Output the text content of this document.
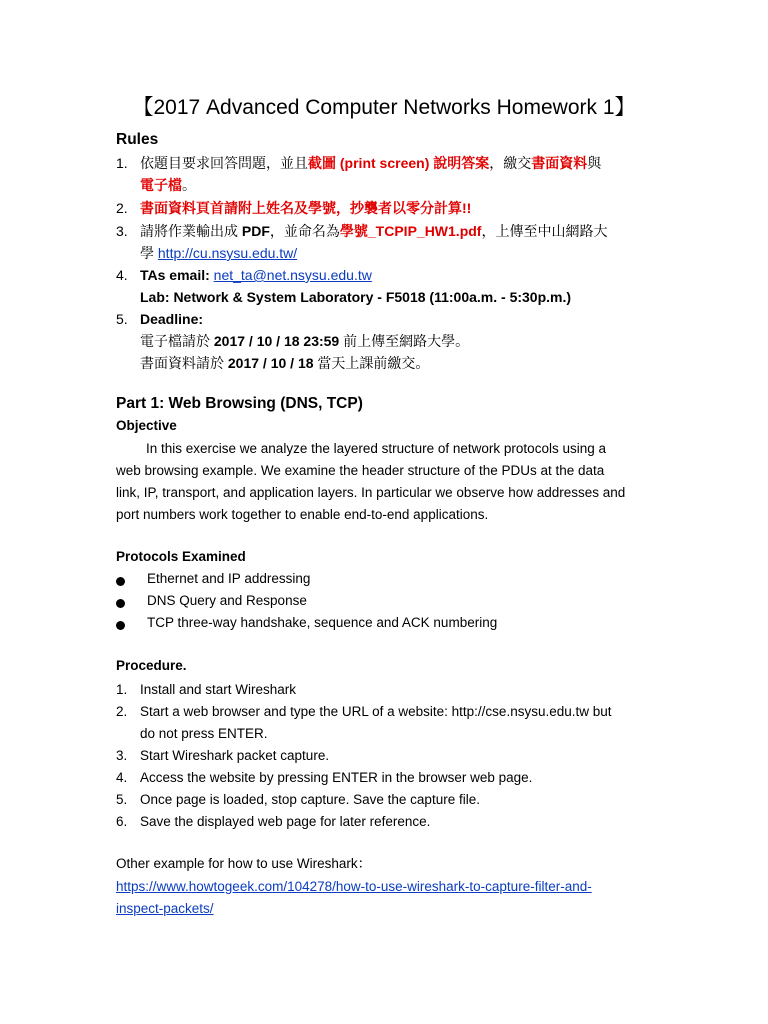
【2017 Advanced Computer Networks Homework 1】
Rules
1. 依題目要求回答問題，並且截圖 (print screen) 說明答案，繳交書面資料與
電子檔。
2. 書面資料頁首請附上姓名及學號，抄襲者以零分計算!!
3. 請將作業輸出成 PDF，並命名為學號_TCPIP_HW1.pdf，上傳至中山網路大
學 http://cu.nsysu.edu.tw/
4. TAs email: net_ta@net.nsysu.edu.tw
Lab: Network & System Laboratory - F5018 (11:00a.m. - 5:30p.m.)
5. Deadline:
電子檔請於 2017 / 10 / 18 23:59 前上傳至網路大學。
書面資料請於 2017 / 10 / 18 當天上課前繳交。
Part 1: Web Browsing (DNS, TCP)
Objective
In this exercise we analyze the layered structure of network protocols using a
web browsing example. We examine the header structure of the PDUs at the data
link, IP, transport, and application layers. In particular we observe how addresses and
port numbers work together to enable end-to-end applications.
Protocols Examined
Ethernet and IP addressing
DNS Query and Response
TCP three-way handshake, sequence and ACK numbering
Procedure.
1. Install and start Wireshark
2. Start a web browser and type the URL of a website: http://cse.nsysu.edu.tw but
do not press ENTER.
3. Start Wireshark packet capture.
4. Access the website by pressing ENTER in the browser web page.
5. Once page is loaded, stop capture. Save the capture file.
6. Save the displayed web page for later reference.
Other example for how to use Wireshark：
https://www.howtogeek.com/104278/how-to-use-wireshark-to-capture-filter-and-
inspect-packets/
